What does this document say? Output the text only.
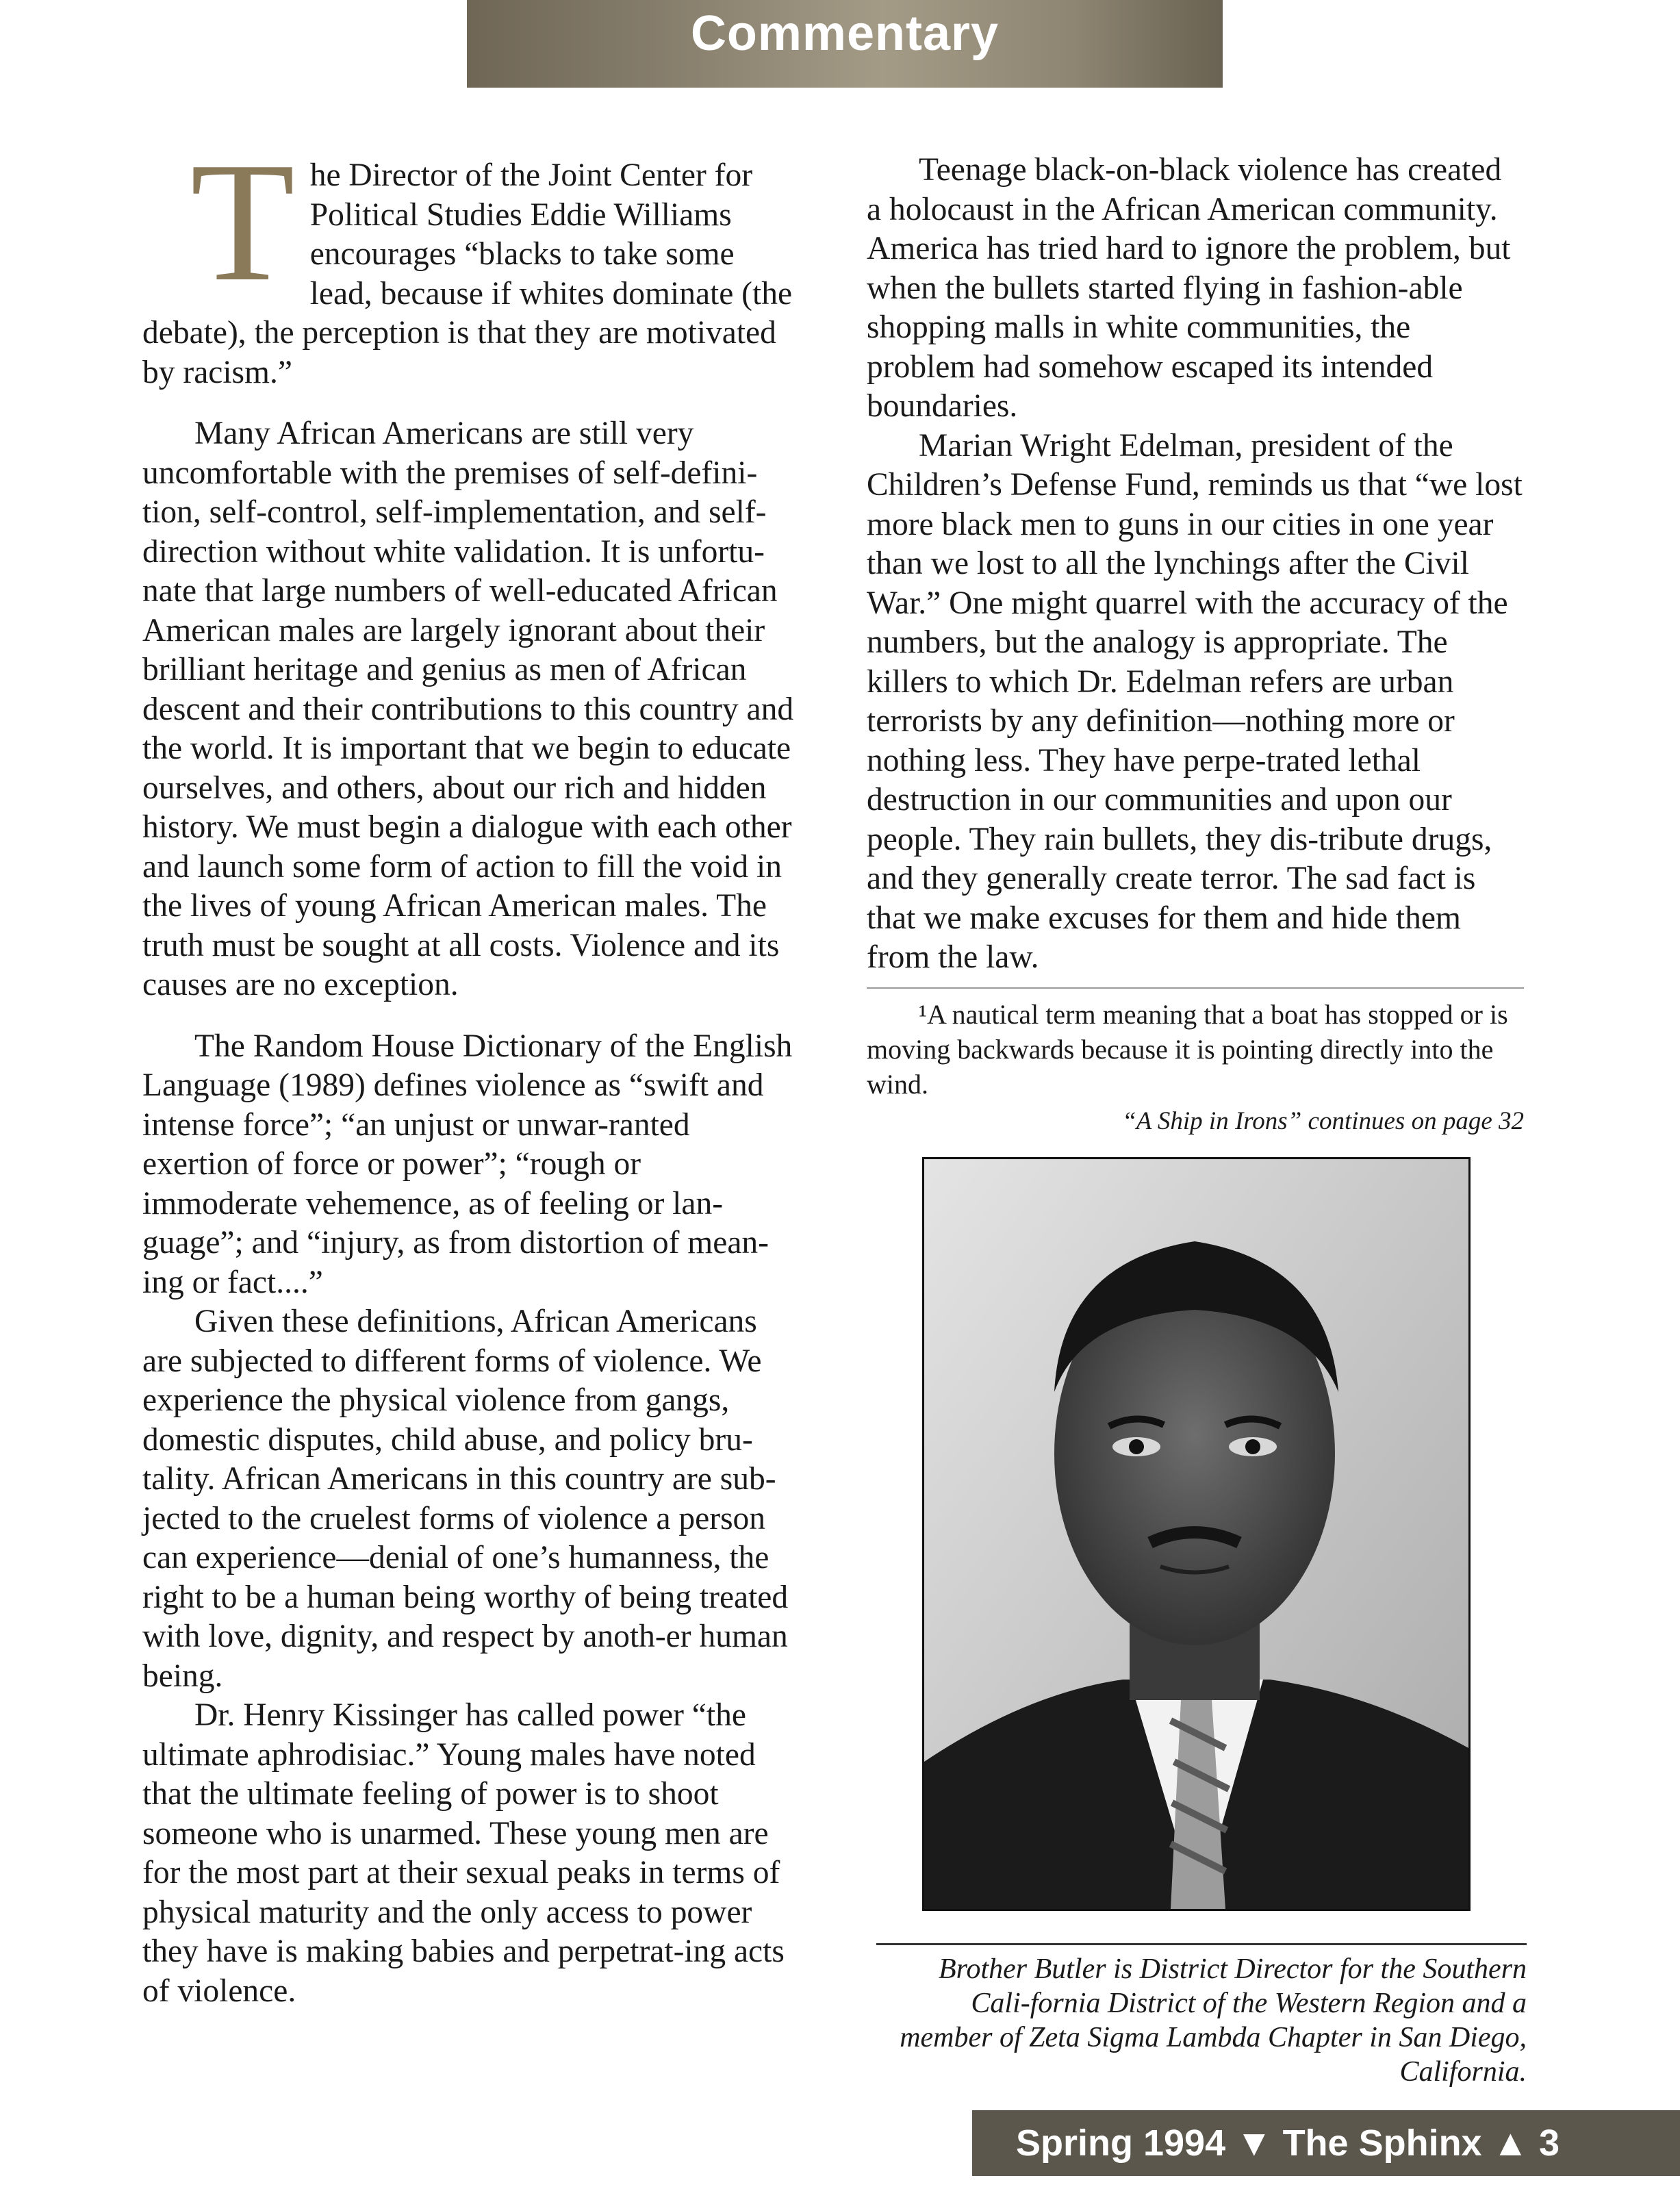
Commentary

The Director of the Joint Center for Political Studies Eddie Williams encourages “blacks to take some lead, because if whites dominate (the debate), the perception is that they are motivated by racism.”

Many African Americans are still very uncomfortable with the premises of self-defini-tion, self-control, self-implementation, and self-direction without white validation. It is unfortu-nate that large numbers of well-educated African American males are largely ignorant about their brilliant heritage and genius as men of African descent and their contributions to this country and the world. It is important that we begin to educate ourselves, and others, about our rich and hidden history. We must begin a dialogue with each other and launch some form of action to fill the void in the lives of young African American males. The truth must be sought at all costs. Violence and its causes are no exception.

The Random House Dictionary of the English Language (1989) defines violence as “swift and intense force”; “an unjust or unwar-ranted exertion of force or power”; “rough or immoderate vehemence, as of feeling or lan-guage”; and “injury, as from distortion of mean-ing or fact....”

Given these definitions, African Americans are subjected to different forms of violence. We experience the physical violence from gangs, domestic disputes, child abuse, and policy bru-tality. African Americans in this country are sub-jected to the cruelest forms of violence a person can experience—denial of one’s humanness, the right to be a human being worthy of being treated with love, dignity, and respect by anoth-er human being.

Dr. Henry Kissinger has called power “the ultimate aphrodisiac.” Young males have noted that the ultimate feeling of power is to shoot someone who is unarmed. These young men are for the most part at their sexual peaks in terms of physical maturity and the only access to power they have is making babies and perpetrat-ing acts of violence.

Teenage black-on-black violence has created a holocaust in the African American community. America has tried hard to ignore the problem, but when the bullets started flying in fashion-able shopping malls in white communities, the problem had somehow escaped its intended boundaries.

Marian Wright Edelman, president of the Children’s Defense Fund, reminds us that “we lost more black men to guns in our cities in one year than we lost to all the lynchings after the Civil War.” One might quarrel with the accuracy of the numbers, but the analogy is appropriate. The killers to which Dr. Edelman refers are urban terrorists by any definition—nothing more or nothing less. They have perpe-trated lethal destruction in our communities and upon our people. They rain bullets, they dis-tribute drugs, and they generally create terror. The sad fact is that we make excuses for them and hide them from the law.

¹A nautical term meaning that a boat has stopped or is moving backwards because it is pointing directly into the wind.

“A Ship in Irons” continues on page 32

Brother Butler is District Director for the Southern Cali-fornia District of the Western Region and a member of Zeta Sigma Lambda Chapter in San Diego, California.
Spring 1994 ▼ The Sphinx ▲ 3
